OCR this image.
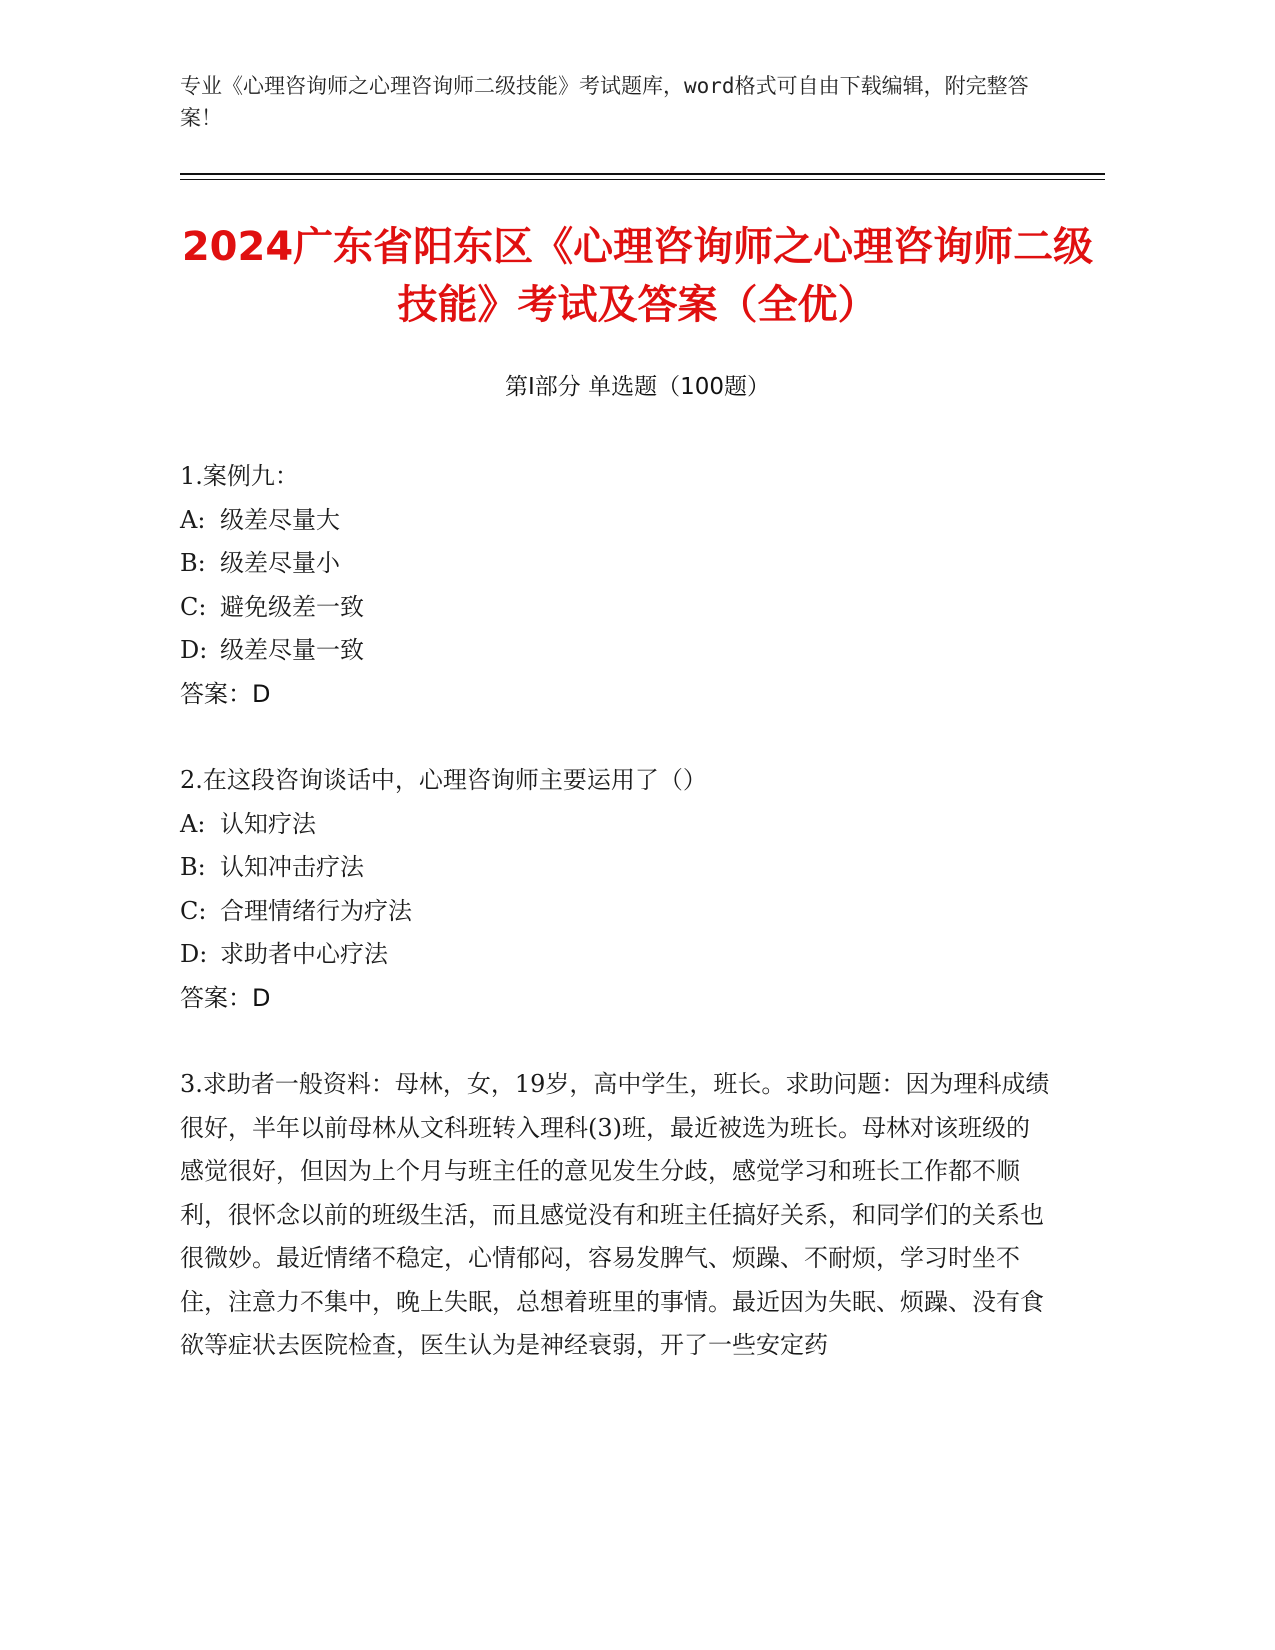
专业《心理咨询师之心理咨询师二级技能》考试题库，word格式可自由下载编辑，附完整答案！
2024广东省阳东区《心理咨询师之心理咨询师二级技能》考试及答案（全优）
第I部分 单选题（100题）
1.案例九：
A: 级差尽量大
B: 级差尽量小
C: 避免级差一致
D: 级差尽量一致
答案：D
2.在这段咨询谈话中，心理咨询师主要运用了（）
A: 认知疗法
B: 认知冲击疗法
C: 合理情绪行为疗法
D: 求助者中心疗法
答案：D
3.求助者一般资料：母林，女，19岁，高中学生，班长。求助问题：因为理科成绩很好，半年以前母林从文科班转入理科(3)班，最近被选为班长。母林对该班级的感觉很好，但因为上个月与班主任的意见发生分歧，感觉学习和班长工作都不顺利，很怀念以前的班级生活，而且感觉没有和班主任搞好关系，和同学们的关系也很微妙。最近情绪不稳定，心情郁闷，容易发脾气、烦躁、不耐烦，学习时坐不住，注意力不集中，晚上失眠，总想着班里的事情。最近因为失眠、烦躁、没有食欲等症状去医院检查，医生认为是神经衰弱，开了一些安定药
